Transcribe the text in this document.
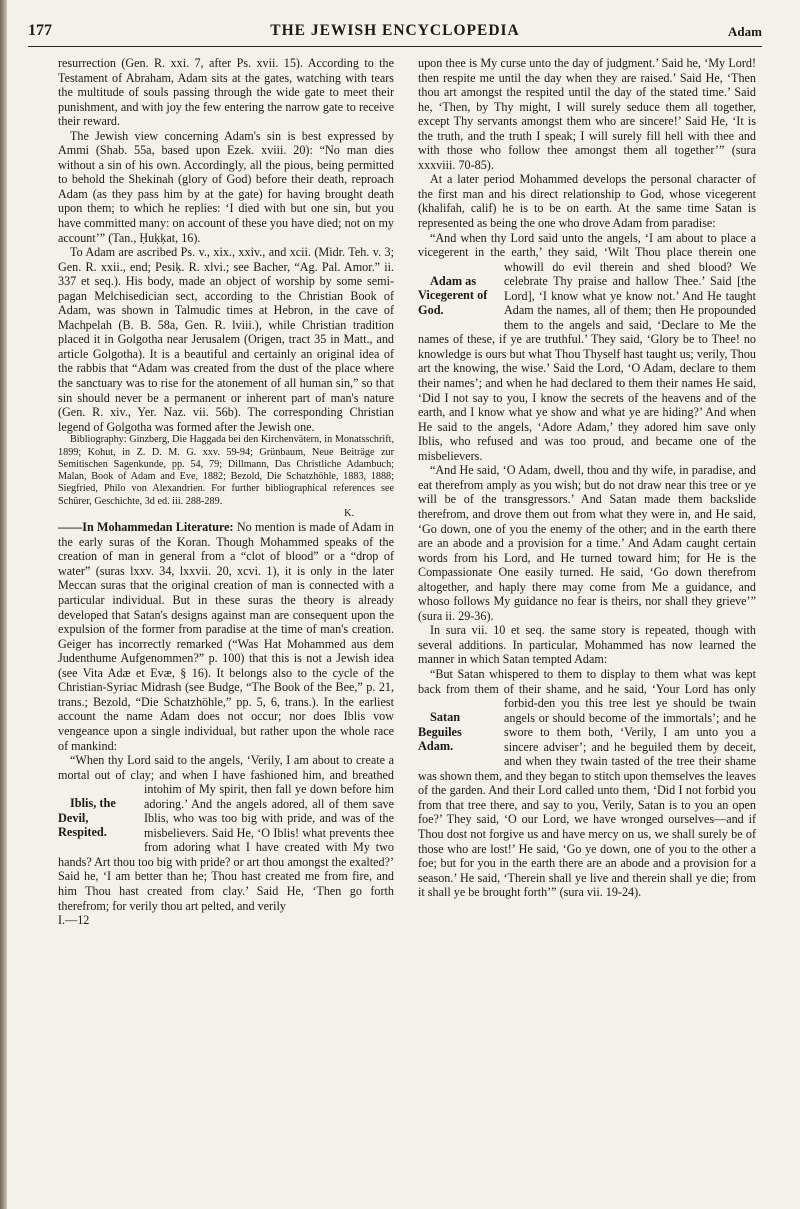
177	THE JEWISH ENCYCLOPEDIA	Adam

resurrection (Gen. R. xxi. 7, after Ps. xvii. 15). According to the Testament of Abraham, Adam sits at the gates, watching with tears the multitude of souls passing through the wide gate to meet their punishment, and with joy the few entering the narrow gate to receive their reward.

The Jewish view concerning Adam's sin is best expressed by Ammi (Shab. 55a, based upon Ezek. xviii. 20): “No man dies without a sin of his own. Accordingly, all the pious, being permitted to behold the Shekinah (glory of God) before their death, reproach Adam (as they pass him by at the gate) for having brought death upon them; to which he replies: ‘I died with but one sin, but you have committed many: on account of these you have died; not on my account’” (Tan., Ḥuḳḳat, 16).

To Adam are ascribed Ps. v., xix., xxiv., and xcii. (Midr. Teh. v. 3; Gen. R. xxii., end; Pesiḳ. R. xlvi.; see Bacher, “Ag. Pal. Amor.” ii. 337 et seq.). His body, made an object of worship by some semi-pagan Melchisedician sect, according to the Christian Book of Adam, was shown in Talmudic times at Hebron, in the cave of Machpelah (B. B. 58a, Gen. R. lviii.), while Christian tradition placed it in Golgotha near Jerusalem (Origen, tract 35 in Matt., and article Golgotha). It is a beautiful and certainly an original idea of the rabbis that “Adam was created from the dust of the place where the sanctuary was to rise for the atonement of all human sin,” so that sin should never be a permanent or inherent part of man's nature (Gen. R. xiv., Yer. Naz. vii. 56b). The corresponding Christian legend of Golgotha was formed after the Jewish one.

Bibliography: Ginzberg, Die Haggada bei den Kirchenvätern, in Monatsschrift, 1899; Kohut, in Z. D. M. G. xxv. 59-94; Grünbaum, Neue Beiträge zur Semitischen Sagenkunde, pp. 54, 79; Dillmann, Das Christliche Adambuch; Malan, Book of Adam and Eve, 1882; Bezold, Die Schatzhöhle, 1883, 1888; Siegfried, Philo von Alexandrien. For further bibliographical references see Schürer, Geschichte, 3d ed. iii. 288-289.

K.

——In Mohammedan Literature: No mention is made of Adam in the early suras of the Koran. Though Mohammed speaks of the creation of man in general from a “clot of blood” or a “drop of water” (suras lxxv. 34, lxxvii. 20, xcvi. 1), it is only in the later Meccan suras that the original creation of man is connected with a particular individual. But in these suras the theory is already developed that Satan's designs against man are consequent upon the expulsion of the former from paradise at the time of man's creation. Geiger has incorrectly remarked (“Was Hat Mohammed aus dem Judenthume Aufgenommen?” p. 100) that this is not a Jewish idea (see Vita Adæ et Evæ, § 16). It belongs also to the cycle of the Christian-Syriac Midrash (see Budge, “The Book of the Bee,” p. 21, trans.; Bezold, “Die Schatzhöhle,” pp. 5, 6, trans.). In the earliest account the name Adam does not occur; nor does Iblis vow vengeance upon a single individual, but rather upon the whole race of mankind:

“When thy Lord said to the angels, ‘Verily, I am about to create a mortal out of clay; and when I have fashioned him, and breathed into
Iblis, the Devil, Respited.
him of My spirit, then fall ye down before him adoring.’ And the angels adored, all of them save Iblis, who was too big with pride, and was of the misbelievers. Said He, ‘O Iblis! what prevents thee from adoring what I have created with My two hands? Art thou too big with pride? or art thou amongst the exalted?’ Said he, ‘I am better than he; Thou hast created me from fire, and him Thou hast created from clay.’ Said He, ‘Then go forth therefrom; for verily thou art pelted, and verily

I.—12

upon thee is My curse unto the day of judgment.’ Said he, ‘My Lord! then respite me until the day when they are raised.’ Said He, ‘Then thou art amongst the respited until the day of the stated time.’ Said he, ‘Then, by Thy might, I will surely seduce them all together, except Thy servants amongst them who are sincere!’ Said He, ‘It is the truth, and the truth I speak; I will surely fill hell with thee and with those who follow thee amongst them all together’” (sura xxxviii. 70-85).

At a later period Mohammed develops the personal character of the first man and his direct relationship to God, whose vicegerent (khalifah, calif) he is to be on earth. At the same time Satan is represented as being the one who drove Adam from paradise:

“And when thy Lord said unto the angels, ‘I am about to place a vicegerent in the earth,’ they said, ‘Wilt Thou place therein one who
Adam as Vicegerent of God.
will do evil therein and shed blood? We celebrate Thy praise and hallow Thee.’ Said [the Lord], ‘I know what ye know not.’ And He taught Adam the names, all of them; then He propounded them to the angels and said, ‘Declare to Me the names of these, if ye are truthful.’ They said, ‘Glory be to Thee! no knowledge is ours but what Thou Thyself hast taught us; verily, Thou art the knowing, the wise.’ Said the Lord, ‘O Adam, declare to them their names’; and when he had declared to them their names He said, ‘Did I not say to you, I know the secrets of the heavens and of the earth, and I know what ye show and what ye are hiding?’ And when He said to the angels, ‘Adore Adam,’ they adored him save only Iblis, who refused and was too proud, and became one of the misbelievers.

“And He said, ‘O Adam, dwell, thou and thy wife, in paradise, and eat therefrom amply as you wish; but do not draw near this tree or ye will be of the transgressors.’ And Satan made them backslide therefrom, and drove them out from what they were in, and He said, ‘Go down, one of you the enemy of the other; and in the earth there are an abode and a provision for a time.’ And Adam caught certain words from his Lord, and He turned toward him; for He is the Compassionate One easily turned. He said, ‘Go down therefrom altogether, and haply there may come from Me a guidance, and whoso follows My guidance no fear is theirs, nor shall they grieve’” (sura ii. 29-36).

In sura vii. 10 et seq. the same story is repeated, though with several additions. In particular, Mohammed has now learned the manner in which Satan tempted Adam:

“But Satan whispered to them to display to them what was kept back from them of their shame, and he said, ‘Your Lord has only forbid-
Satan Beguiles Adam.
den you this tree lest ye should be twain angels or should become of the immortals’; and he swore to them both, ‘Verily, I am unto you a sincere adviser’; and he beguiled them by deceit, and when they twain tasted of the tree their shame was shown them, and they began to stitch upon themselves the leaves of the garden. And their Lord called unto them, ‘Did I not forbid you from that tree there, and say to you, Verily, Satan is to you an open foe?’ They said, ‘O our Lord, we have wronged ourselves—and if Thou dost not forgive us and have mercy on us, we shall surely be of those who are lost!’ He said, ‘Go ye down, one of you to the other a foe; but for you in the earth there are an abode and a provision for a season.’ He said, ‘Therein shall ye live and therein shall ye die; from it shall ye be brought forth’” (sura vii. 19-24).
